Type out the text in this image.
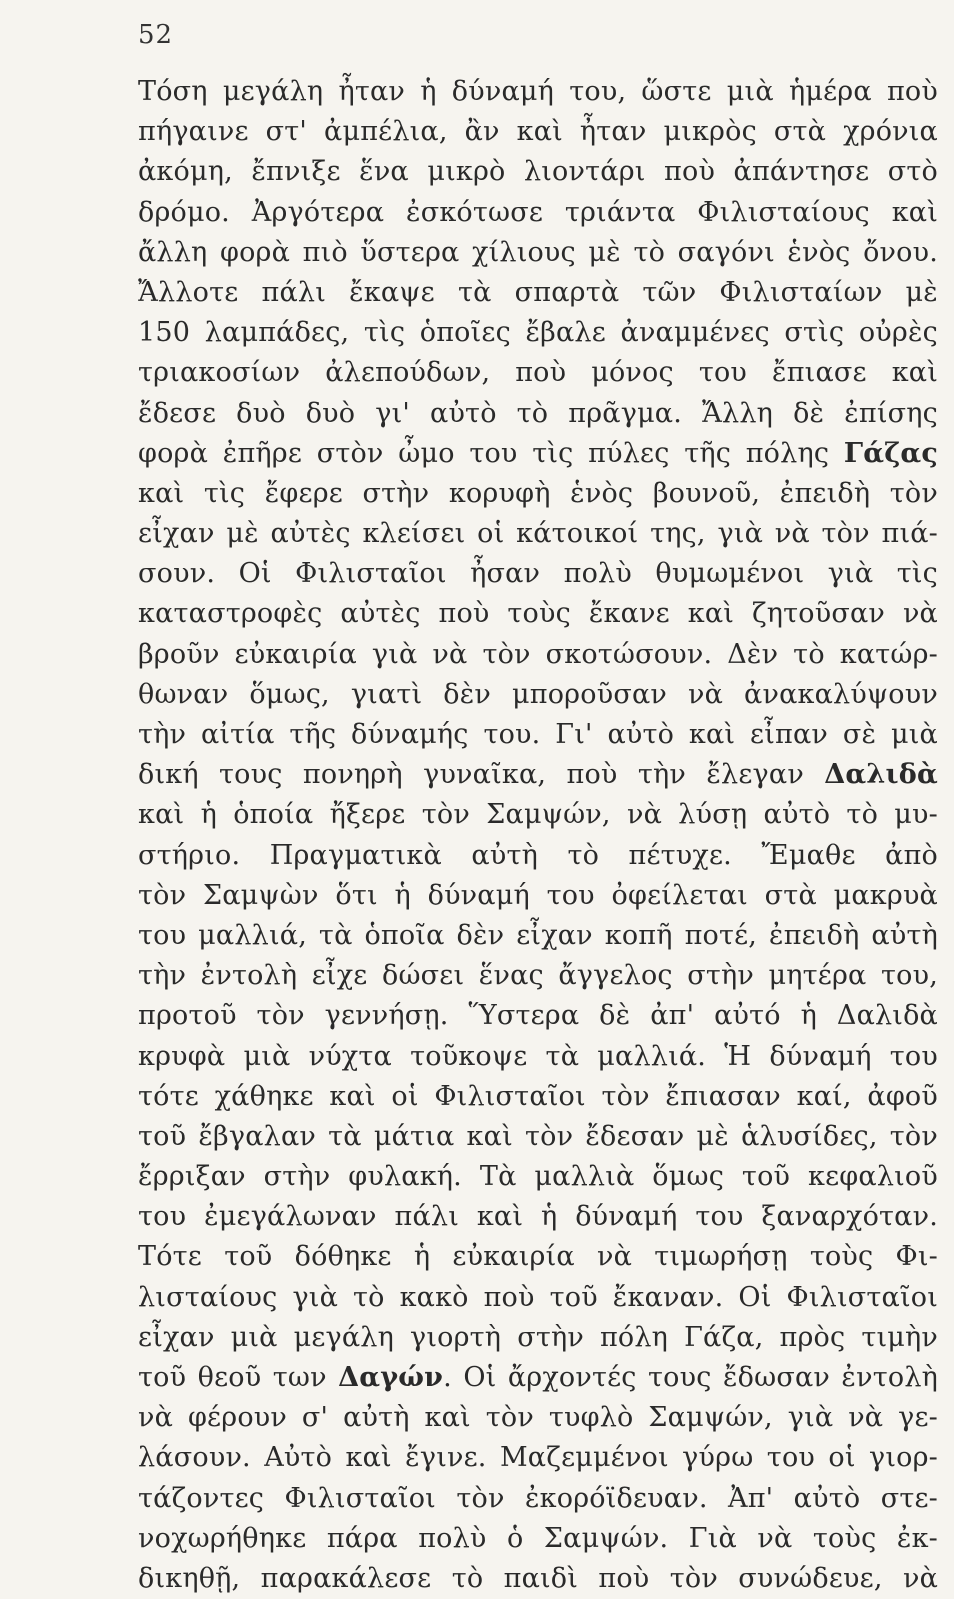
52
Τόση μεγάλη ἦταν ἡ δύναμή του, ὥστε μιὰ ἡμέρα ποὺ
πήγαινε στ' ἀμπέλια, ἂν καὶ ἦταν μικρὸς στὰ χρόνια
ἀκόμη, ἔπνιξε ἕνα μικρὸ λιοντάρι ποὺ ἀπάντησε στὸ
δρόμο. Ἀργότερα ἐσκότωσε τριάντα Φιλισταίους καὶ
ἄλλη φορὰ πιὸ ὕστερα χίλιους μὲ τὸ σαγόνι ἑνὸς ὄνου.
Ἄλλοτε πάλι ἔκαψε τὰ σπαρτὰ τῶν Φιλισταίων μὲ
150 λαμπάδες, τὶς ὁποῖες ἔβαλε ἀναμμένες στὶς οὐρὲς
τριακοσίων ἀλεπούδων, ποὺ μόνος του ἔπιασε καὶ
ἔδεσε δυὸ δυὸ γι' αὐτὸ τὸ πρᾶγμα. Ἄλλη δὲ ἐπίσης
φορὰ ἐπῆρε στὸν ὦμο του τὶς πύλες τῆς πόλης Γάζας
καὶ τὶς ἔφερε στὴν κορυφὴ ἑνὸς βουνοῦ, ἐπειδὴ τὸν
εἶχαν μὲ αὐτὲς κλείσει οἱ κάτοικοί της, γιὰ νὰ τὸν πιά-
σουν. Οἱ Φιλισταῖοι ἦσαν πολὺ θυμωμένοι γιὰ τὶς
καταστροφὲς αὐτὲς ποὺ τοὺς ἔκανε καὶ ζητοῦσαν νὰ
βροῦν εὐκαιρία γιὰ νὰ τὸν σκοτώσουν. Δὲν τὸ κατώρ-
θωναν ὅμως, γιατὶ δὲν μποροῦσαν νὰ ἀνακαλύψουν
τὴν αἰτία τῆς δύναμής του. Γι' αὐτὸ καὶ εἶπαν σὲ μιὰ
δική τους πονηρὴ γυναῖκα, ποὺ τὴν ἔλεγαν Δαλιδὰ
καὶ ἡ ὁποία ἤξερε τὸν Σαμψών, νὰ λύσῃ αὐτὸ τὸ μυ-
στήριο. Πραγματικὰ αὐτὴ τὸ πέτυχε. Ἔμαθε ἀπὸ
τὸν Σαμψὼν ὅτι ἡ δύναμή του ὀφείλεται στὰ μακρυὰ
του μαλλιά, τὰ ὁποῖα δὲν εἶχαν κοπῆ ποτέ, ἐπειδὴ αὐτὴ
τὴν ἐντολὴ εἶχε δώσει ἕνας ἄγγελος στὴν μητέρα του,
προτοῦ τὸν γεννήσῃ. Ὕστερα δὲ ἀπ' αὐτό ἡ Δαλιδὰ
κρυφὰ μιὰ νύχτα τοῦκοψε τὰ μαλλιά. Ἡ δύναμή του
τότε χάθηκε καὶ οἱ Φιλισταῖοι τὸν ἔπιασαν καί, ἀφοῦ
τοῦ ἔβγαλαν τὰ μάτια καὶ τὸν ἔδεσαν μὲ ἁλυσίδες, τὸν
ἔρριξαν στὴν φυλακή. Τὰ μαλλιὰ ὅμως τοῦ κεφαλιοῦ
του ἐμεγάλωναν πάλι καὶ ἡ δύναμή του ξαναρχόταν.
Τότε τοῦ δόθηκε ἡ εὐκαιρία νὰ τιμωρήσῃ τοὺς Φι-
λισταίους γιὰ τὸ κακὸ ποὺ τοῦ ἔκαναν. Οἱ Φιλισταῖοι
εἶχαν μιὰ μεγάλη γιορτὴ στὴν πόλη Γάζα, πρὸς τιμὴν
τοῦ θεοῦ των Δαγών. Οἱ ἄρχοντές τους ἔδωσαν ἐντολὴ
νὰ φέρουν σ' αὐτὴ καὶ τὸν τυφλὸ Σαμψών, γιὰ νὰ γε-
λάσουν. Αὐτὸ καὶ ἔγινε. Μαζεμμένοι γύρω του οἱ γιορ-
τάζοντες Φιλισταῖοι τὸν ἐκορόϊδευαν. Ἀπ' αὐτὸ στε-
νοχωρήθηκε πάρα πολὺ ὁ Σαμψών. Γιὰ νὰ τοὺς ἐκ-
δικηθῇ, παρακάλεσε τὸ παιδὶ ποὺ τὸν συνώδευε, νὰ
